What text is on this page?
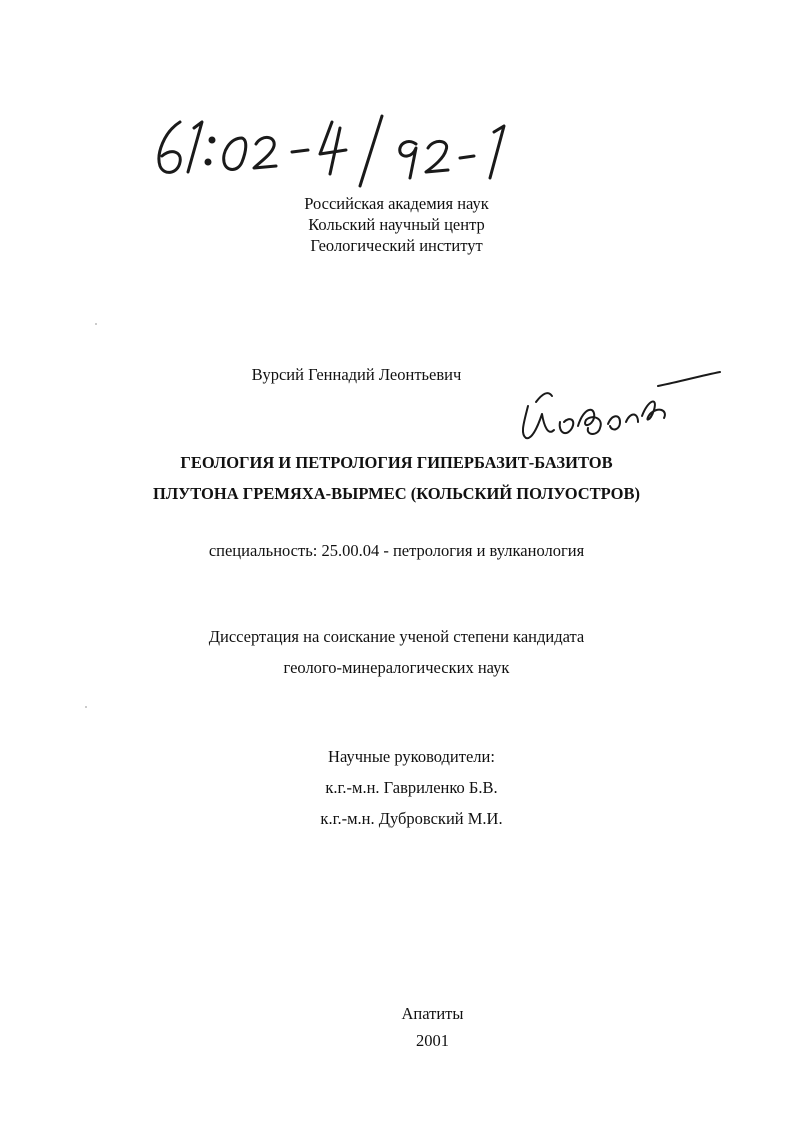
Российская академия наук
Кольский научный центр
Геологический институт
Вурсий Геннадий Леонтьевич
ГЕОЛОГИЯ И ПЕТРОЛОГИЯ ГИПЕРБАЗИТ-БАЗИТОВ
ПЛУТОНА ГРЕМЯХА-ВЫРМЕС (КОЛЬСКИЙ ПОЛУОСТРОВ)
специальность: 25.00.04 - петрология и вулканология
Диссертация на соискание ученой степени кандидата
геолого-минералогических наук
Научные руководители:
к.г.-м.н. Гавриленко Б.В.
к.г.-м.н. Дубровский М.И.
Апатиты
2001
